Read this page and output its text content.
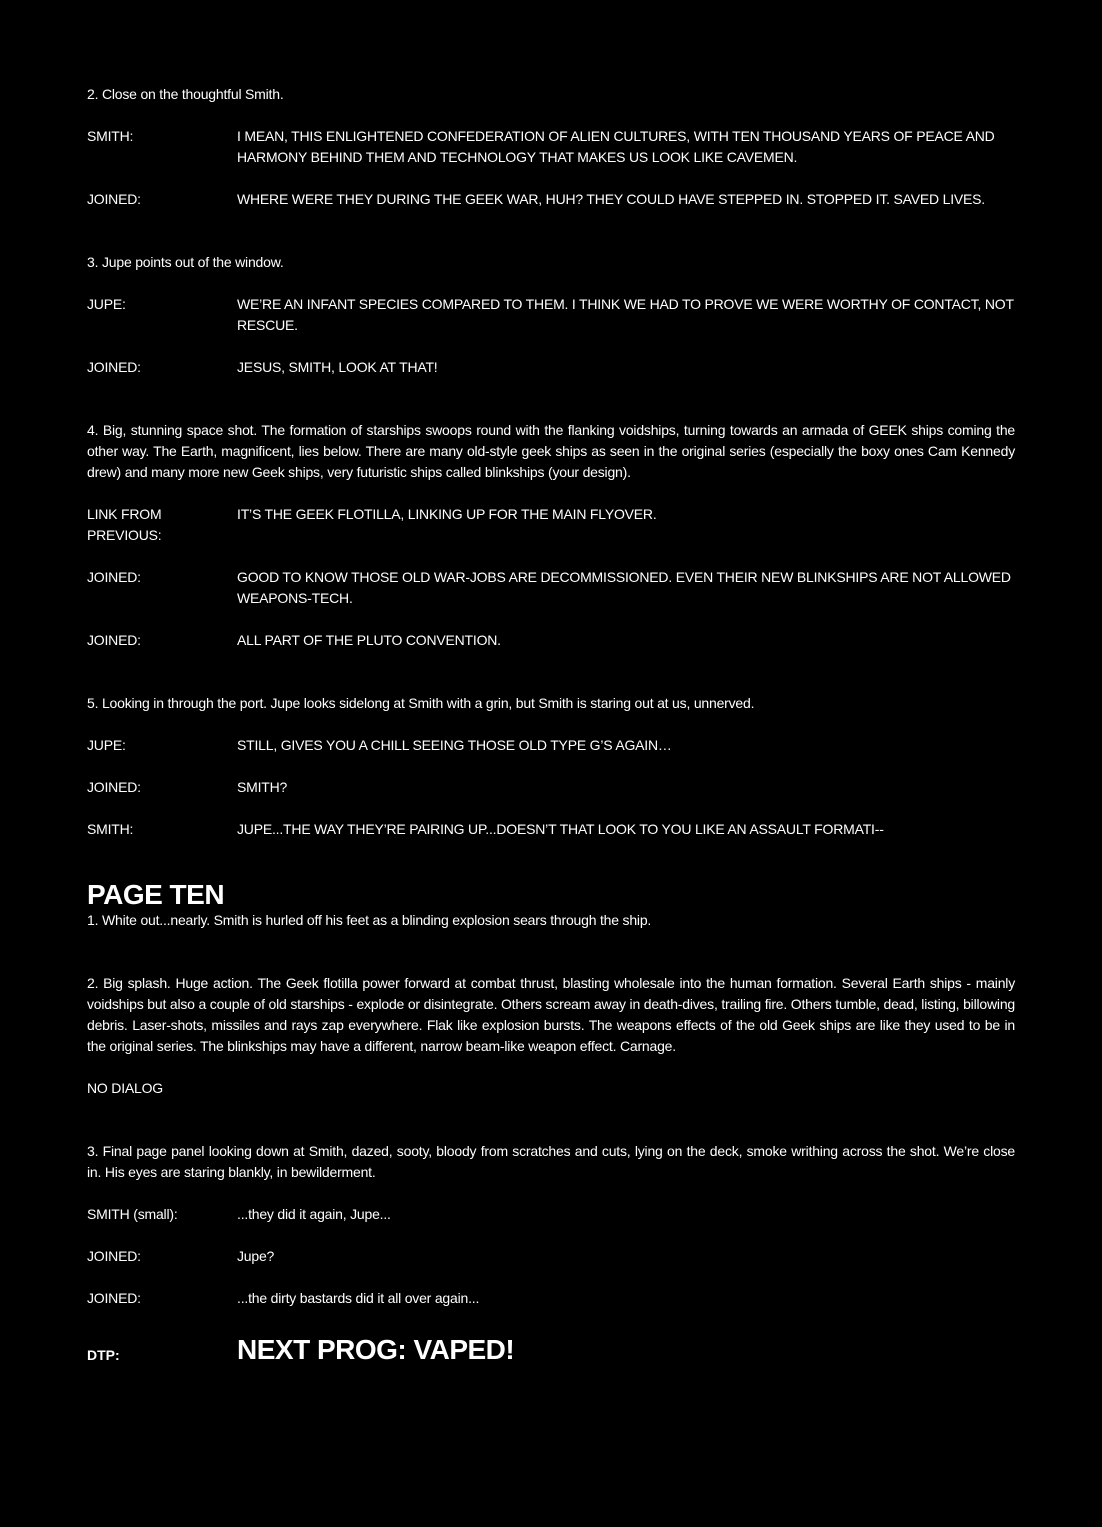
2. Close on the thoughtful Smith.
SMITH:	I MEAN, THIS ENLIGHTENED CONFEDERATION OF ALIEN CULTURES, WITH TEN THOUSAND YEARS OF PEACE AND HARMONY BEHIND THEM AND TECHNOLOGY THAT MAKES US LOOK LIKE CAVEMEN.
JOINED:	WHERE WERE THEY DURING THE GEEK WAR, HUH? THEY COULD HAVE STEPPED IN. STOPPED IT. SAVED LIVES.
3. Jupe points out of the window.
JUPE:	WE’RE AN INFANT SPECIES COMPARED TO THEM. I THINK WE HAD TO PROVE WE WERE WORTHY OF CONTACT, NOT RESCUE.
JOINED:	JESUS, SMITH, LOOK AT THAT!
4. Big, stunning space shot. The formation of starships swoops round with the flanking voidships, turning towards an armada of GEEK ships coming the other way. The Earth, magnificent, lies below. There are many old-style geek ships as seen in the original series (especially the boxy ones Cam Kennedy drew) and many more new Geek ships, very futuristic ships called blinkships (your design).
LINK FROM PREVIOUS:
IT’S THE GEEK FLOTILLA, LINKING UP FOR THE MAIN FLYOVER.
JOINED:	GOOD TO KNOW THOSE OLD WAR-JOBS ARE DECOMMISSIONED. EVEN THEIR NEW BLINKSHIPS ARE NOT ALLOWED WEAPONS-TECH.
JOINED:	ALL PART OF THE PLUTO CONVENTION.
5. Looking in through the port. Jupe looks sidelong at Smith with a grin, but Smith is staring out at us, unnerved.
JUPE:	STILL, GIVES YOU A CHILL SEEING THOSE OLD TYPE G’S AGAIN…
JOINED:	SMITH?
SMITH:	JUPE...THE WAY THEY’RE PAIRING UP...DOESN’T THAT LOOK TO YOU LIKE AN ASSAULT FORMATI--
PAGE TEN
1. White out...nearly. Smith is hurled off his feet as a blinding explosion sears through the ship.
2. Big splash. Huge action. The Geek flotilla power forward at combat thrust, blasting wholesale into the human formation. Several Earth ships - mainly voidships but also a couple of old starships - explode or disintegrate. Others scream away in death-dives, trailing fire. Others tumble, dead, listing, billowing debris. Laser-shots, missiles and rays zap everywhere. Flak like explosion bursts. The weapons effects of the old Geek ships are like they used to be in the original series. The blinkships may have a different, narrow beam-like weapon effect. Carnage.
NO DIALOG
3. Final page panel looking down at Smith, dazed, sooty, bloody from scratches and cuts, lying on the deck, smoke writhing across the shot. We’re close in. His eyes are staring blankly, in bewilderment.
SMITH (small):	...they did it again, Jupe...
JOINED:	Jupe?
JOINED:	...the dirty bastards did it all over again...
DTP:	NEXT PROG: VAPED!
